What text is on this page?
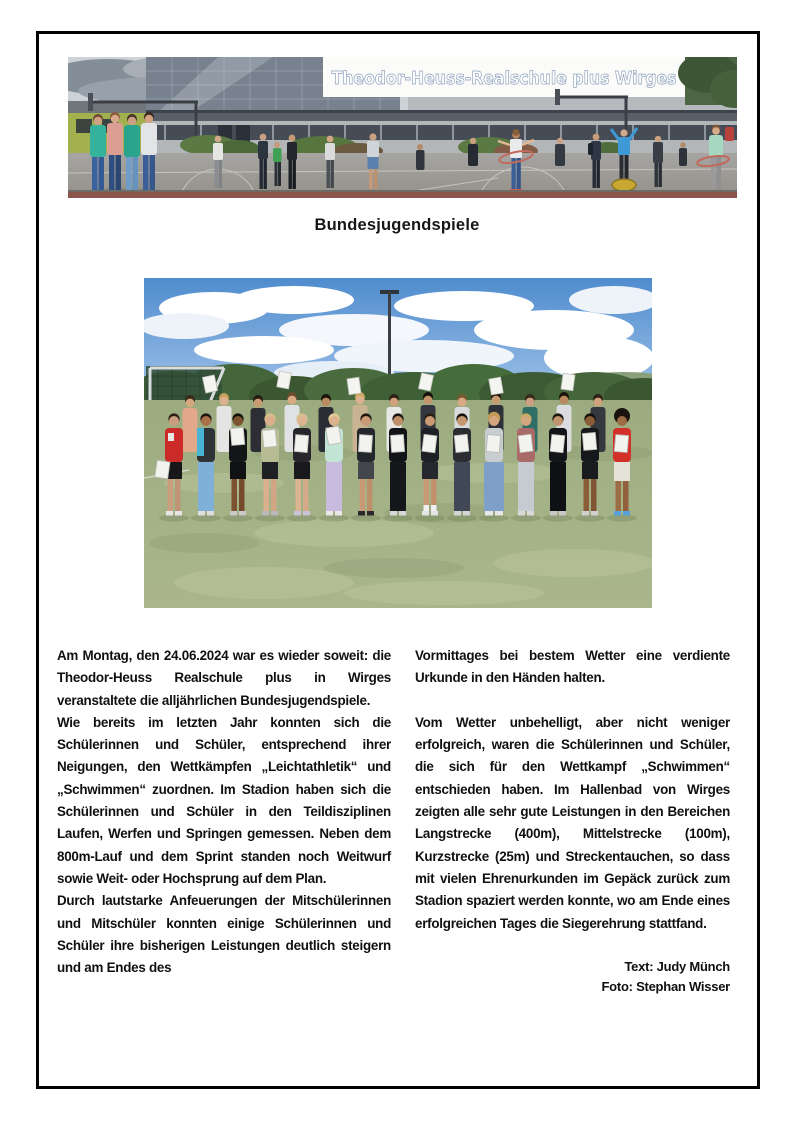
Theodor-Heuss-Realschule plus Wirges
Bundesjugendspiele

Am Montag, den 24.06.2024 war es wieder soweit: die Theodor-Heuss Realschule plus in Wirges veranstaltete die alljährlichen Bundesjugendspiele.

Wie bereits im letzten Jahr konnten sich die Schülerinnen und Schüler, entsprechend ihrer Neigungen, den Wettkämpfen „Leichtathletik“ und „Schwimmen“ zuordnen. Im Stadion haben sich die Schülerinnen und Schüler in den Teildisziplinen Laufen, Werfen und Springen gemessen. Neben dem 800m-Lauf und dem Sprint standen noch Weitwurf sowie Weit- oder Hochsprung auf dem Plan.

Durch lautstarke Anfeuerungen der Mitschülerinnen und Mitschüler konnten einige Schülerinnen und Schüler ihre bisherigen Leistungen deutlich steigern und am Endes des

Vormittages bei bestem Wetter eine verdiente Urkunde in den Händen halten.

Vom Wetter unbehelligt, aber nicht weniger erfolgreich, waren die Schülerinnen und Schüler, die sich für den Wettkampf „Schwimmen“ entschieden haben. Im Hallenbad von Wirges zeigten alle sehr gute Leistungen in den Bereichen Langstrecke (400m), Mittelstrecke (100m), Kurzstrecke (25m) und Streckentauchen, so dass mit vielen Ehrenurkunden im Gepäck zurück zum Stadion spaziert werden konnte, wo am Ende eines erfolgreichen Tages die Siegerehrung stattfand.

Text: Judy Münch
Foto: Stephan Wisser
